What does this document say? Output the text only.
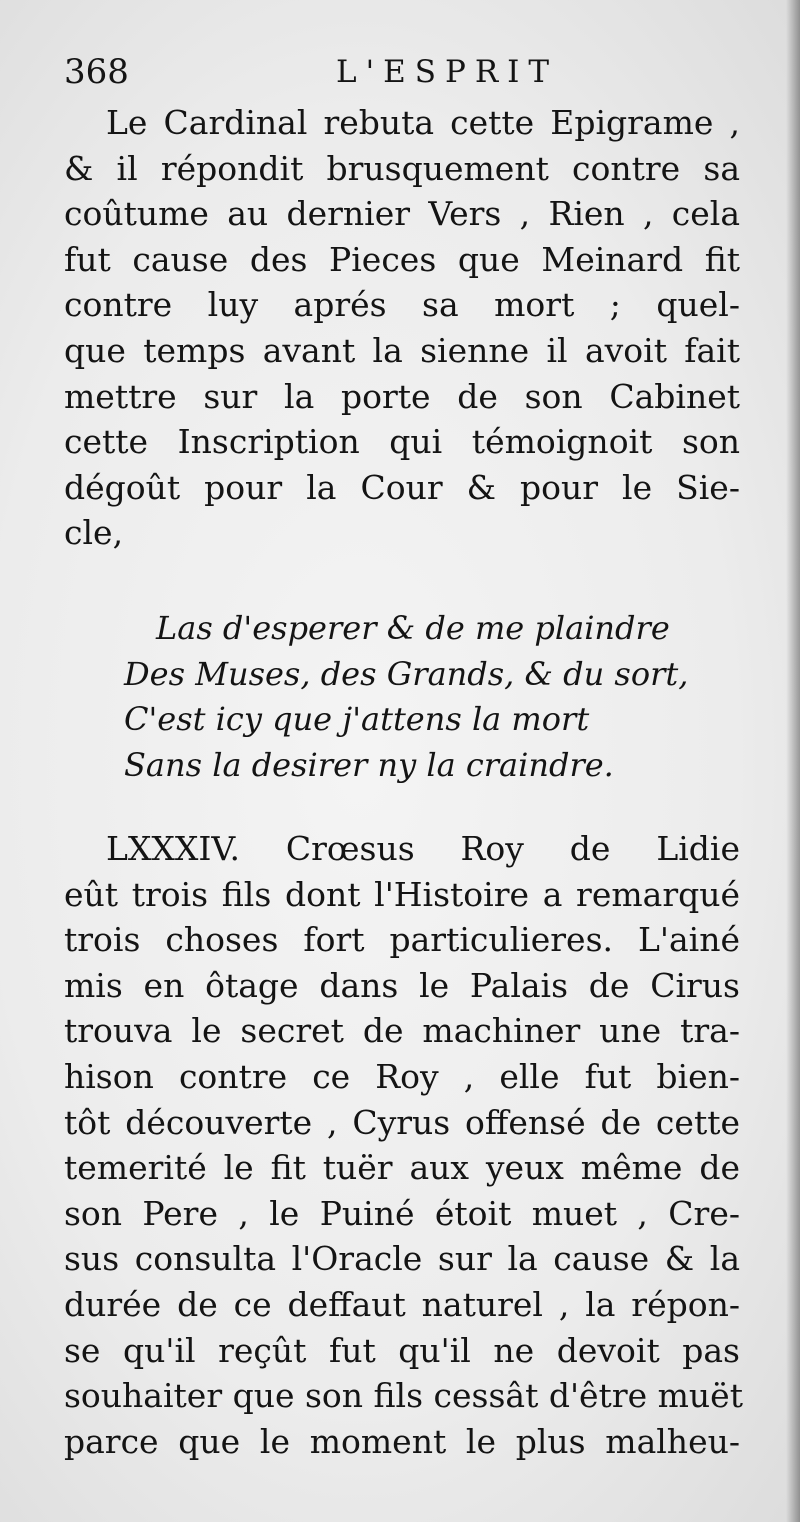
368	L'ESPRIT
Le Cardinal rebuta cette Epigrame ,
& il répondit brusquement contre sa
coûtume au dernier Vers , Rien , cela
fut cause des Pieces que Meinard fit
contre luy aprés sa mort ; quel-
que temps avant la sienne il avoit fait
mettre sur la porte de son Cabinet
cette Inscription qui témoignoit son
dégoût pour la Cour & pour le Sie-
cle,
Las d'esperer & de me plaindre
Des Muses, des Grands, & du sort,
C'est icy que j'attens la mort
Sans la desirer ny la craindre.
LXXXIV. Crœsus Roy de Lidie
eût trois fils dont l'Histoire a remarqué
trois choses fort particulieres. L'ainé
mis en ôtage dans le Palais de Cirus
trouva le secret de machiner une tra-
hison contre ce Roy , elle fut bien-
tôt découverte , Cyrus offensé de cette
temerité le fit tuër aux yeux même de
son Pere , le Puiné étoit muet , Cre-
sus consulta l'Oracle sur la cause & la
durée de ce deffaut naturel , la répon-
se qu'il reçût fut qu'il ne devoit pas
souhaiter que son fils cessât d'être muët
parce que le moment le plus malheu-
